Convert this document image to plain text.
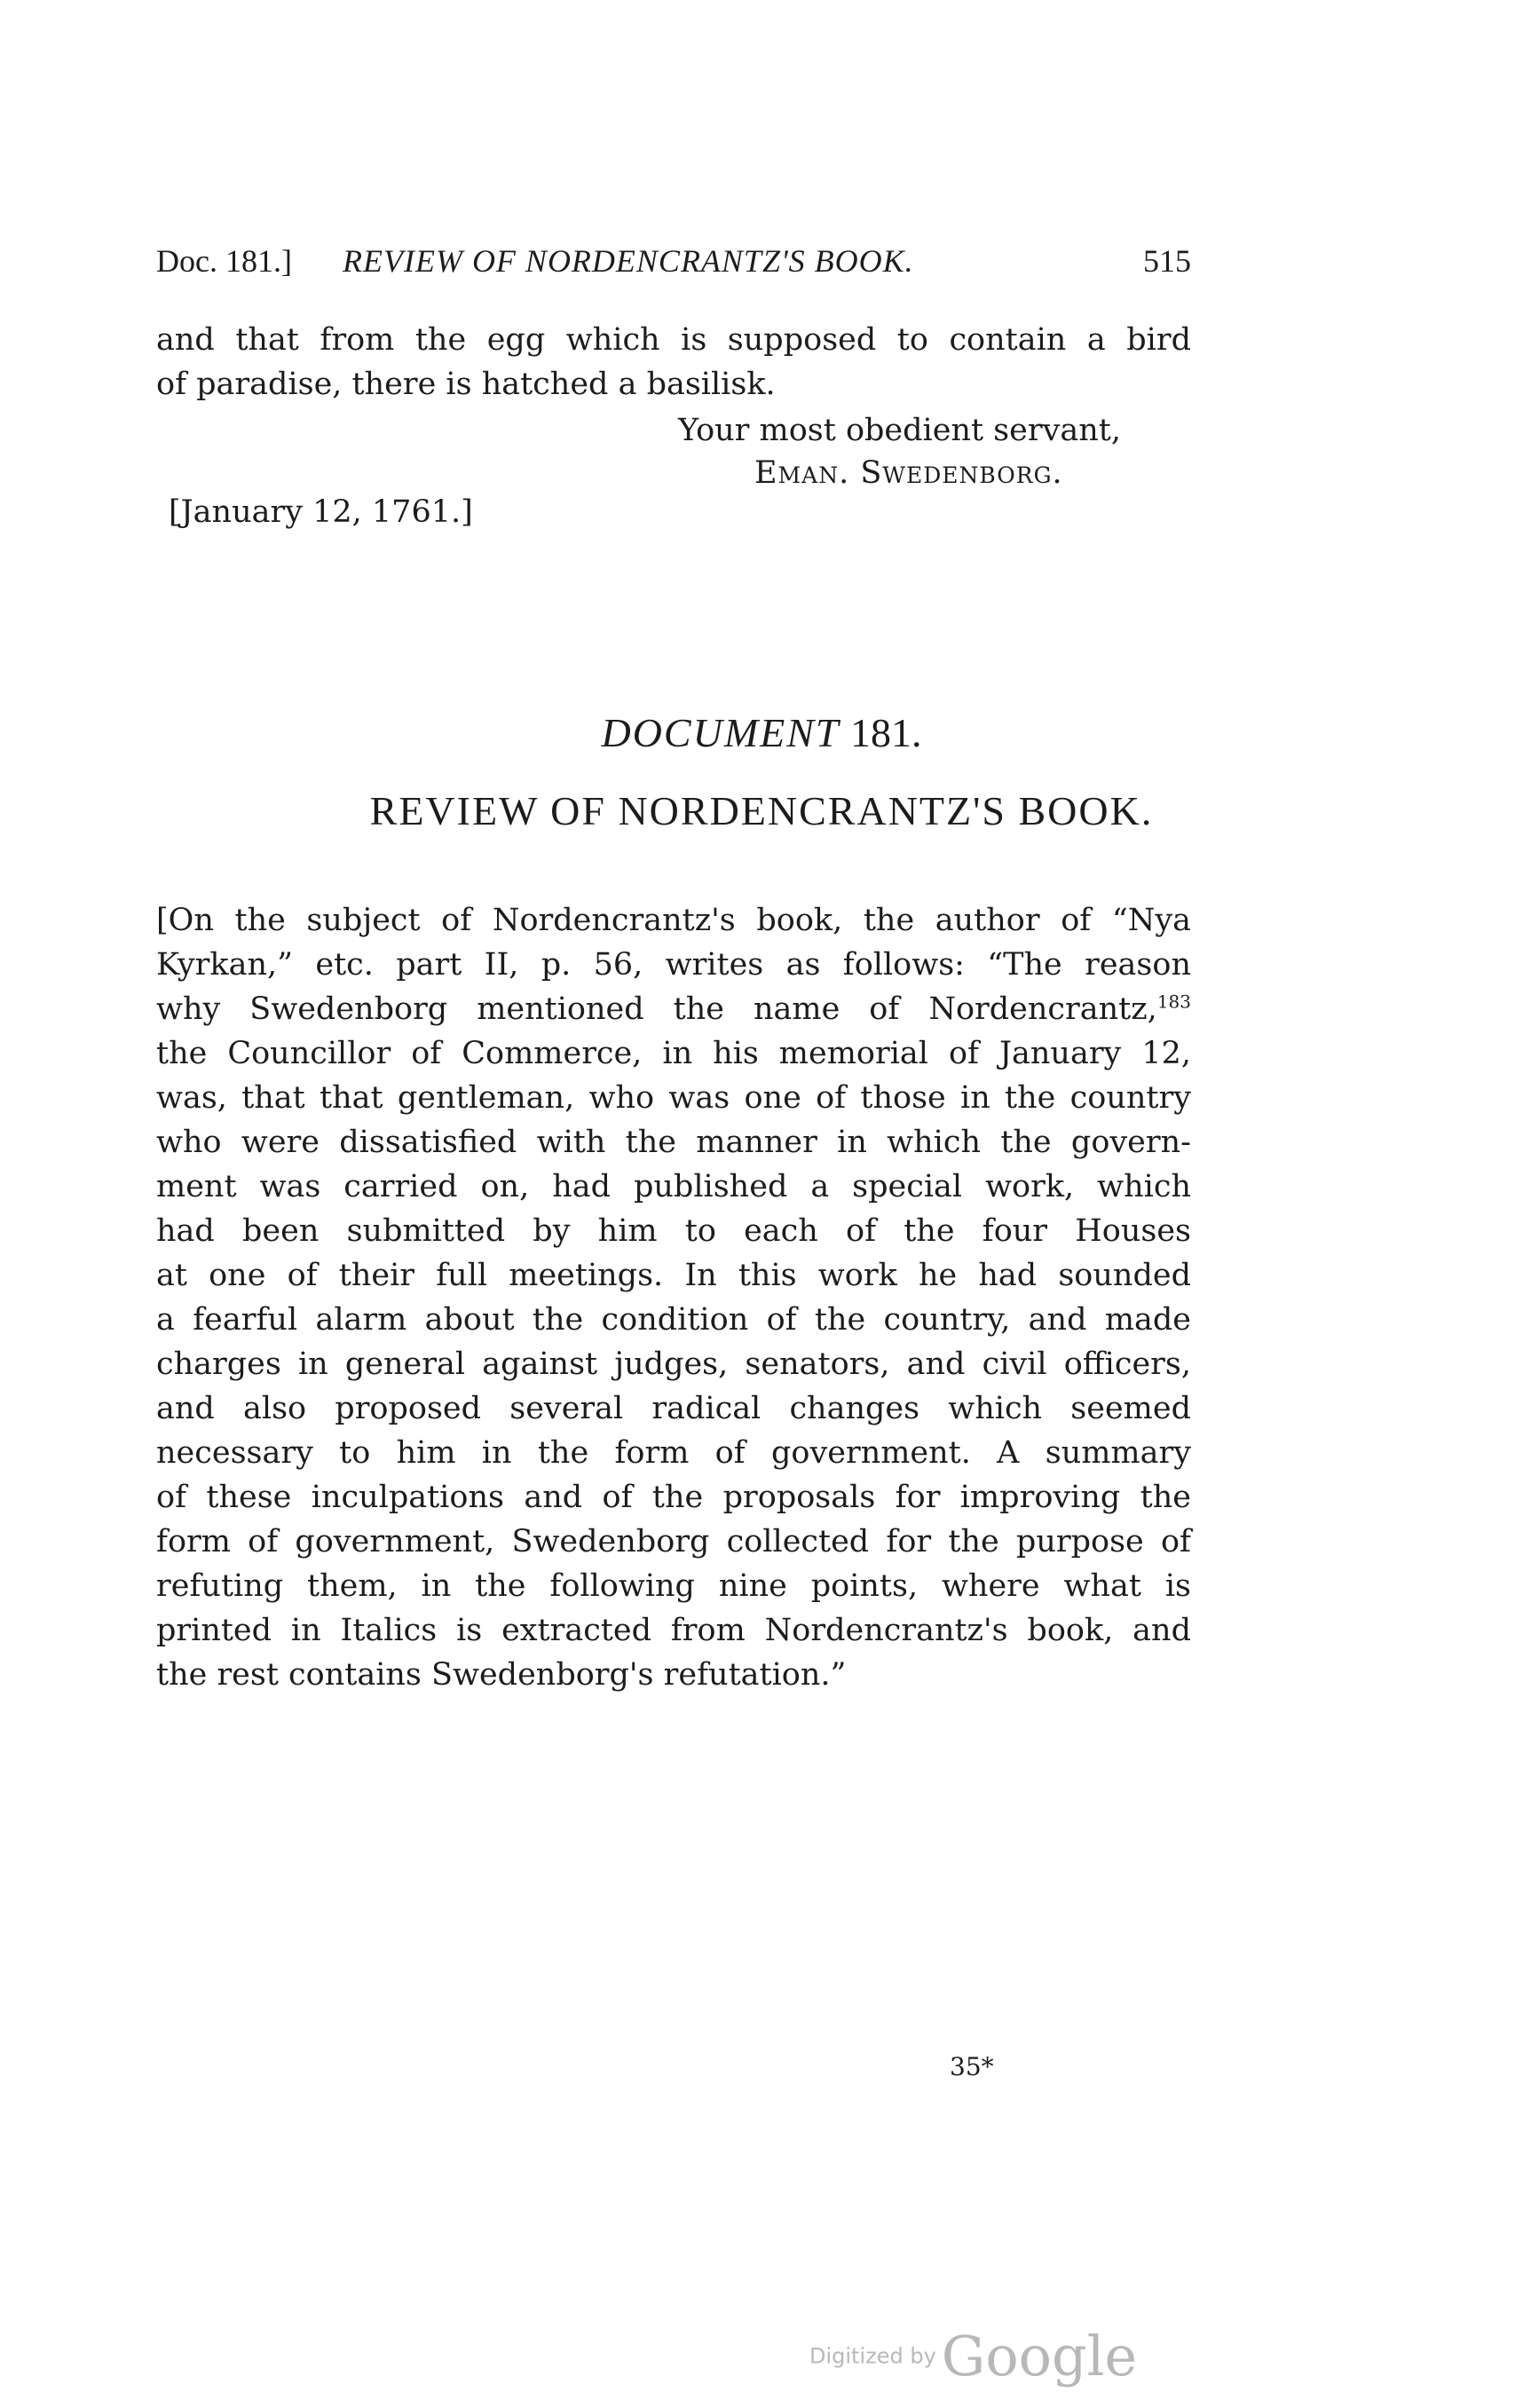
Doc. 181.] REVIEW OF NORDENCRANTZ'S BOOK.	515
and that from the egg which is supposed to contain a bird
of paradise, there is hatched a basilisk.
Your most obedient servant,
Eman. Swedenborg.
[January 12, 1761.]
DOCUMENT 181.
REVIEW OF NORDENCRANTZ'S BOOK.
[On the subject of Nordencrantz's book, the author of “Nya
Kyrkan,” etc. part II, p. 56, writes as follows: “The reason
why Swedenborg mentioned the name of Nordencrantz,$^{183}$
the Councillor of Commerce, in his memorial of January 12,
was, that that gentleman, who was one of those in the country
who were dissatisfied with the manner in which the govern-
ment was carried on, had published a special work, which
had been submitted by him to each of the four Houses
at one of their full meetings. In this work he had sounded
a fearful alarm about the condition of the country, and made
charges in general against judges, senators, and civil officers,
and also proposed several radical changes which seemed
necessary to him in the form of government. A summary
of these inculpations and of the proposals for improving the
form of government, Swedenborg collected for the purpose of
refuting them, in the following nine points, where what is
printed in Italics is extracted from Nordencrantz's book, and
the rest contains Swedenborg's refutation.”
35*
Digitized byGoogle
